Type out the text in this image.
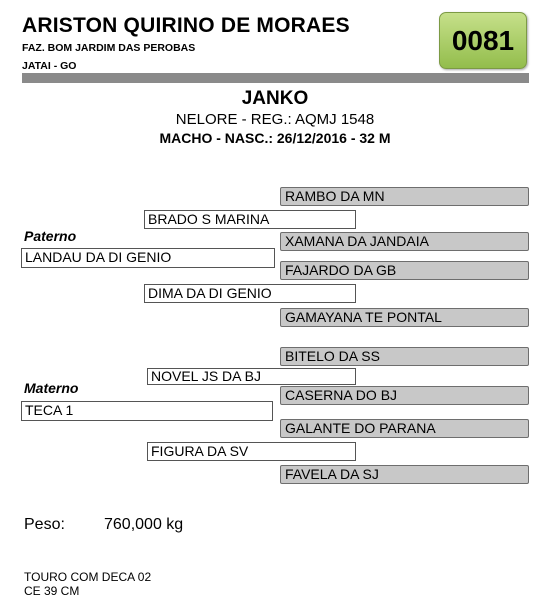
ARISTON QUIRINO DE MORAES
FAZ. BOM JARDIM DAS PEROBAS
JATAI - GO
0081
JANKO
NELORE - REG.: AQMJ 1548
MACHO - NASC.: 26/12/2016 - 32 M
RAMBO DA MN
BRADO S MARINA
Paterno	XAMANA DA JANDAIA
LANDAU DA DI GENIO
FAJARDO DA GB
DIMA DA DI GENIO
GAMAYANA TE PONTAL
BITELO DA SS
NOVEL JS DA BJ
Materno	CASERNA DO BJ
TECA 1
GALANTE DO PARANA
FIGURA DA SV
FAVELA DA SJ
Peso: 760,000 kg
TOURO COM DECA 02
CE 39 CM
